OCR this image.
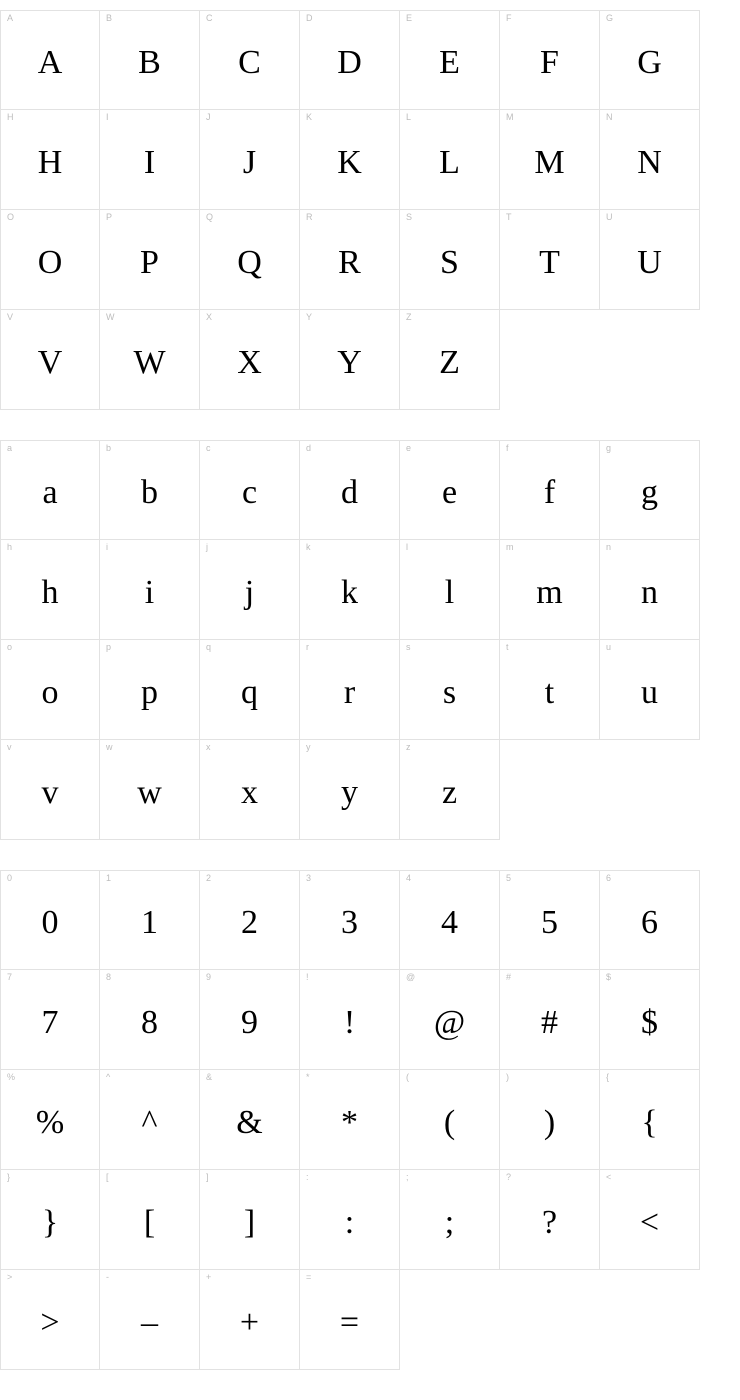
A
A
B
B
C
C
D
D
E
E
F
F
G
G
H
H
I
I
J
J
K
K
L
L
M
M
N
N
O
O
P
P
Q
Q
R
R
S
S
T
T
U
U
V
V
W
W
X
X
Y
Y
Z
Z
a
a
b
b
c
c
d
d
e
e
f
f
g
g
h
h
i
i
j
j
k
k
l
l
m
m
n
n
o
o
p
p
q
q
r
r
s
s
t
t
u
u
v
v
w
w
x
x
y
y
z
z
0
0
1
1
2
2
3
3
4
4
5
5
6
6
7
7
8
8
9
9
!
!
@
@
#
#
$
$
%
%
^
^
&
&
*
*
(
(
)
)
{
{
}
}
[
[
]
]
:
:
;
;
?
?
<
<
>
>
-
–
+
+
=
=
